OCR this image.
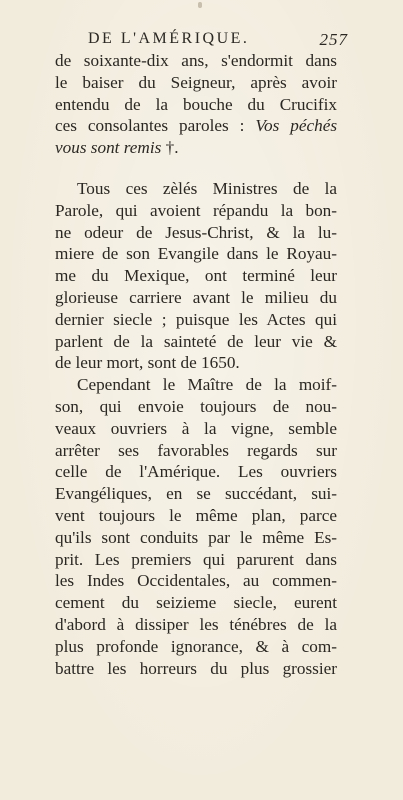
DE L'AMÉRIQUE.	257
de soixante-dix ans, s'endormit dans
le baiser du Seigneur, après avoir
entendu de la bouche du Crucifix
ces consolantes paroles : Vos péchés
vous sont remis †.
Tous ces zèlés Ministres de la
Parole, qui avoient répandu la bon-
ne odeur de Jesus-Christ, & la lu-
miere de son Evangile dans le Royau-
me du Mexique, ont terminé leur
glorieuse carriere avant le milieu du
dernier siecle ; puisque les Actes qui
parlent de la sainteté de leur vie &
de leur mort, sont de 1650.
Cependant le Maître de la moif-
son, qui envoie toujours de nou-
veaux ouvriers à la vigne, semble
arrêter ses favorables regards sur
celle de l'Amérique. Les ouvriers
Evangéliques, en se succédant, sui-
vent toujours le même plan, parce
qu'ils sont conduits par le même Es-
prit. Les premiers qui parurent dans
les Indes Occidentales, au commen-
cement du seizieme siecle, eurent
d'abord à dissiper les ténébres de la
plus profonde ignorance, & à com-
battre les horreurs du plus grossier
